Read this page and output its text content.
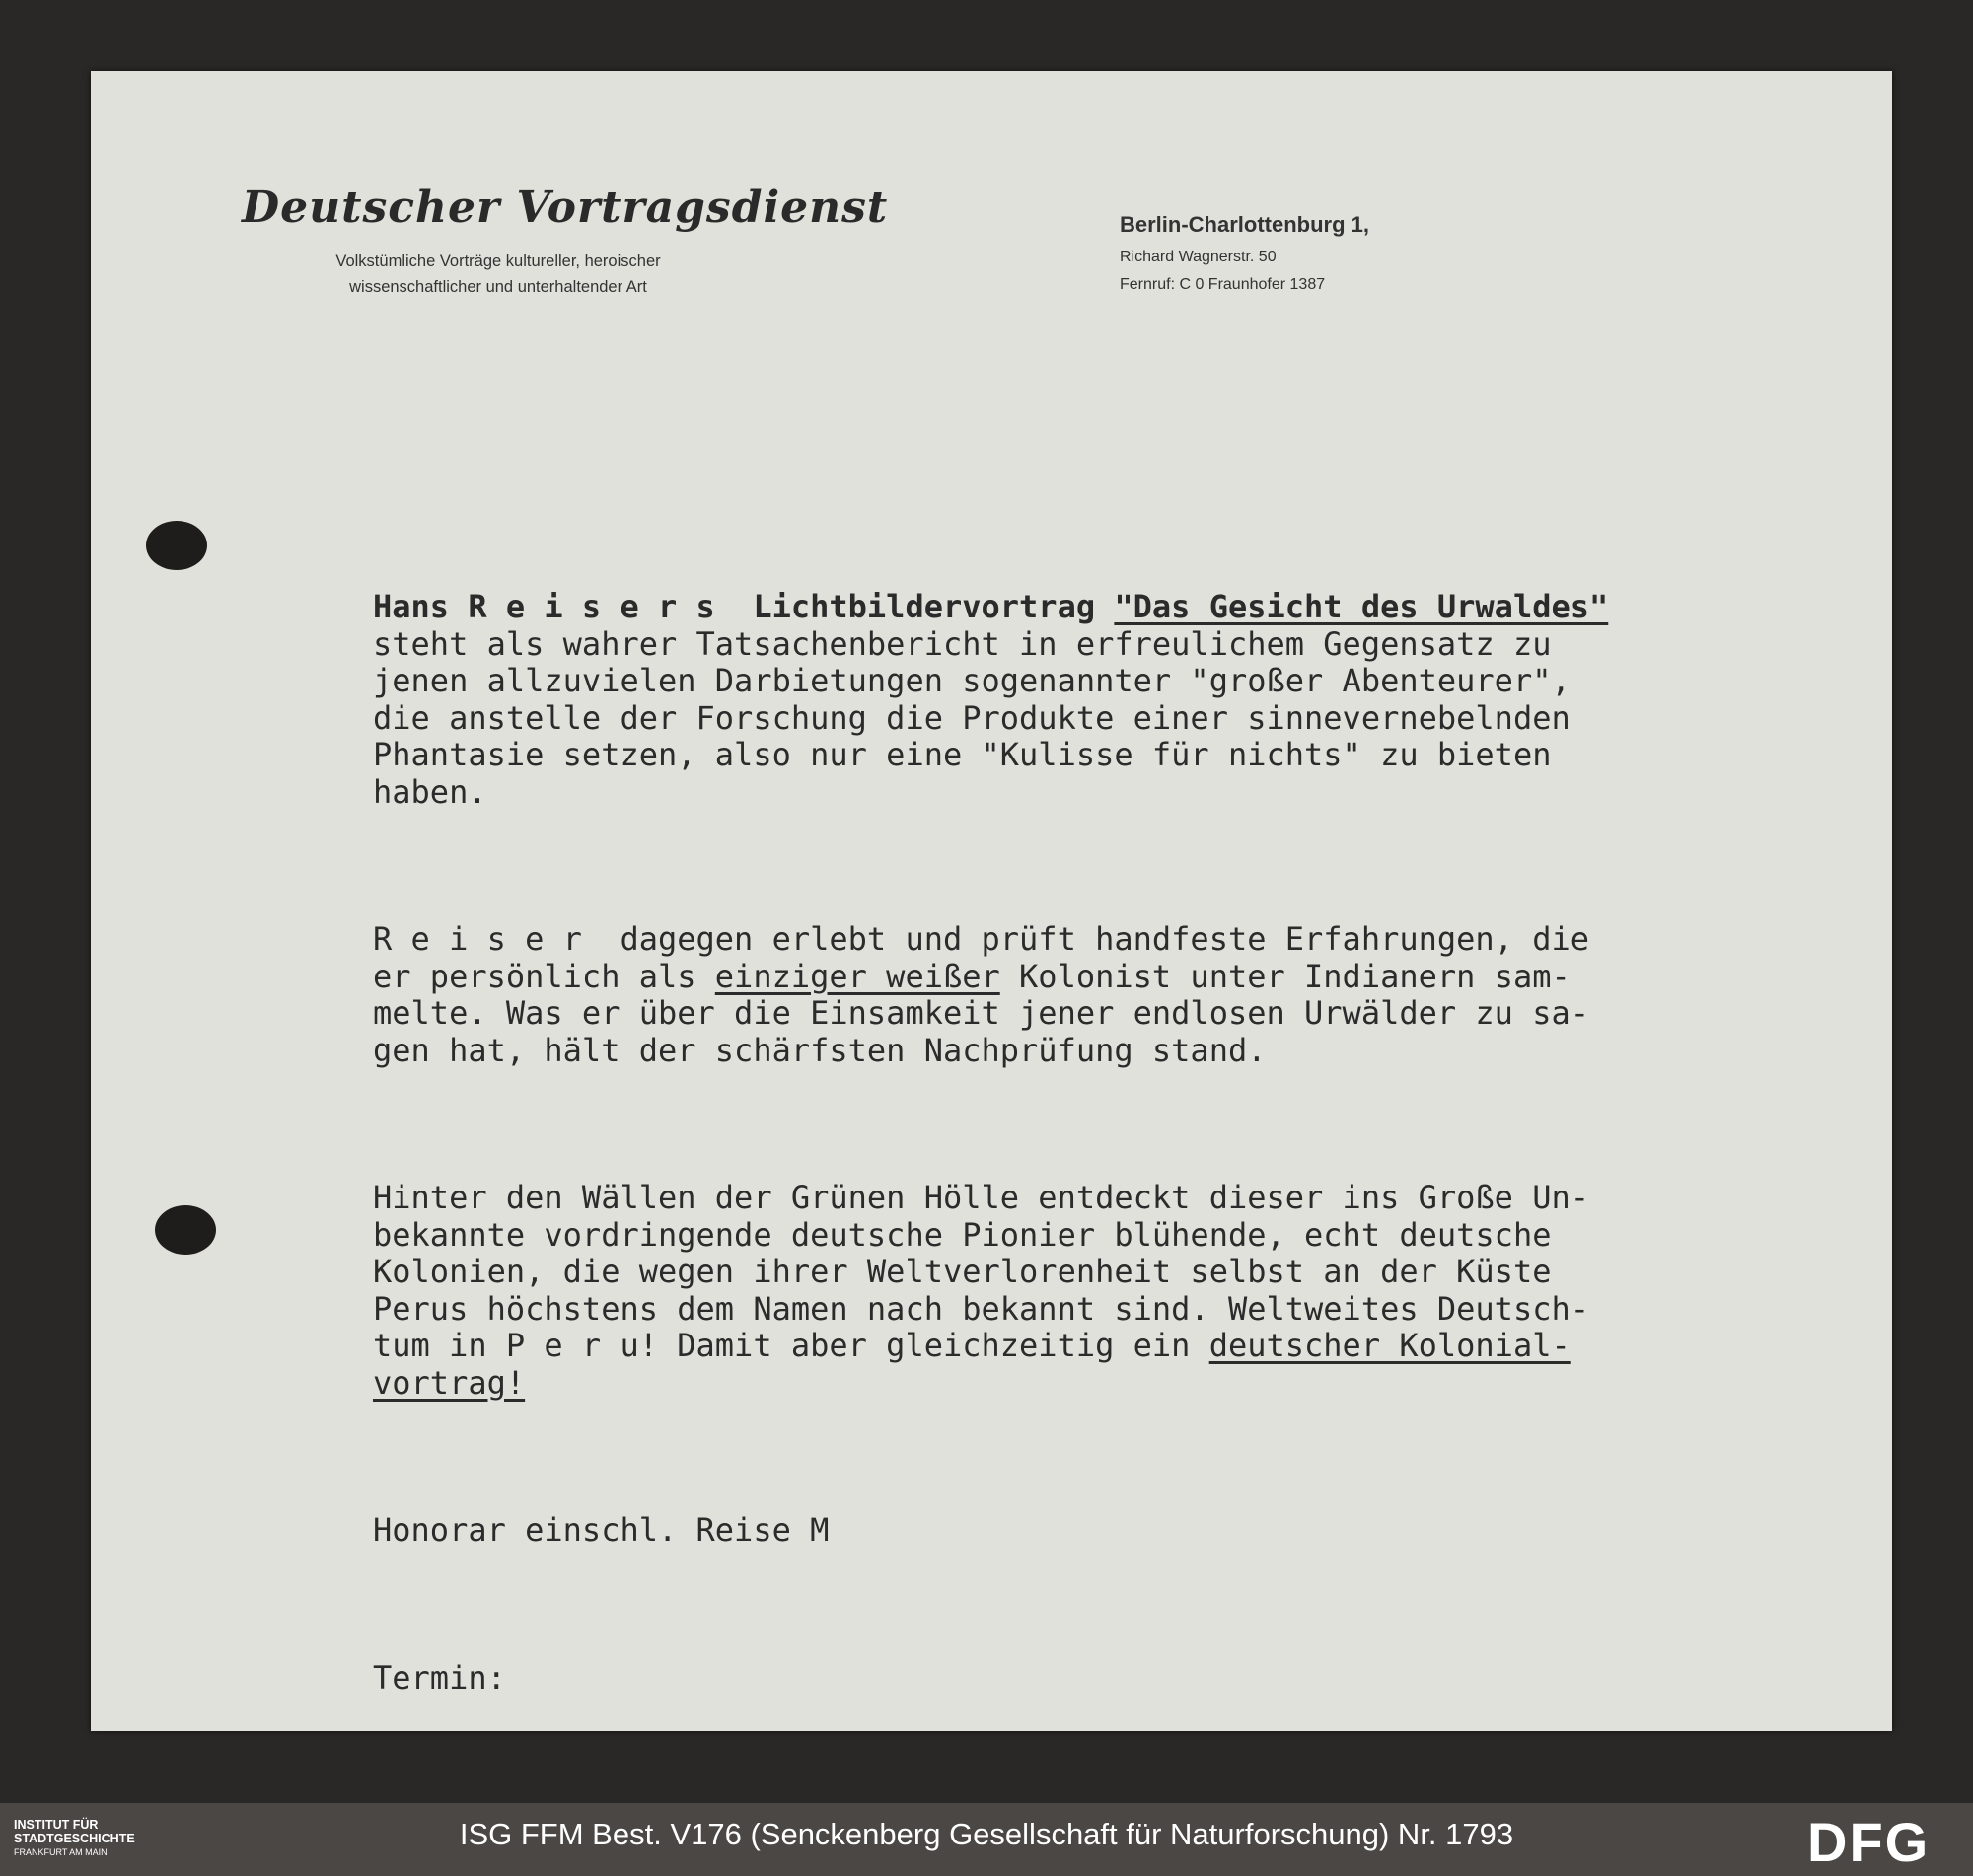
Deutscher Vortragsdienst
Volkstümliche Vorträge kultureller, heroischer
wissenschaftlicher und unterhaltender Art
Berlin-Charlottenburg 1,
Richard Wagnerstr. 50
Fernruf: C 0 Fraunhofer 1387

Hans R e i s e r s  Lichtbildervortrag "Das Gesicht des Urwaldes"
steht als wahrer Tatsachenbericht in erfreulichem Gegensatz zu
jenen allzuvielen Darbietungen sogenannter "großer Abenteurer",
die anstelle der Forschung die Produkte einer sinnevernebelnden
Phantasie setzen, also nur eine "Kulisse für nichts" zu bieten
haben.

R e i s e r  dagegen erlebt und prüft handfeste Erfahrungen, die
er persönlich als einziger weißer Kolonist unter Indianern sam-
melte. Was er über die Einsamkeit jener endlosen Urwälder zu sa-
gen hat, hält der schärfsten Nachprüfung stand.

Hinter den Wällen der Grünen Hölle entdeckt dieser ins Große Un-
bekannte vordringende deutsche Pionier blühende, echt deutsche
Kolonien, die wegen ihrer Weltverlorenheit selbst an der Küste
Perus höchstens dem Namen nach bekannt sind. Weltweites Deutsch-
tum in P e r u! Damit aber gleichzeitig ein deutscher Kolonial-
vortrag!

Honorar einschl. Reise M

Termin:

INSTITUT FÜR
STADTGESCHICHTE
FRANKFURT AM MAIN
ISG FFM Best. V176 (Senckenberg Gesellschaft für Naturforschung) Nr. 1793	DFG
